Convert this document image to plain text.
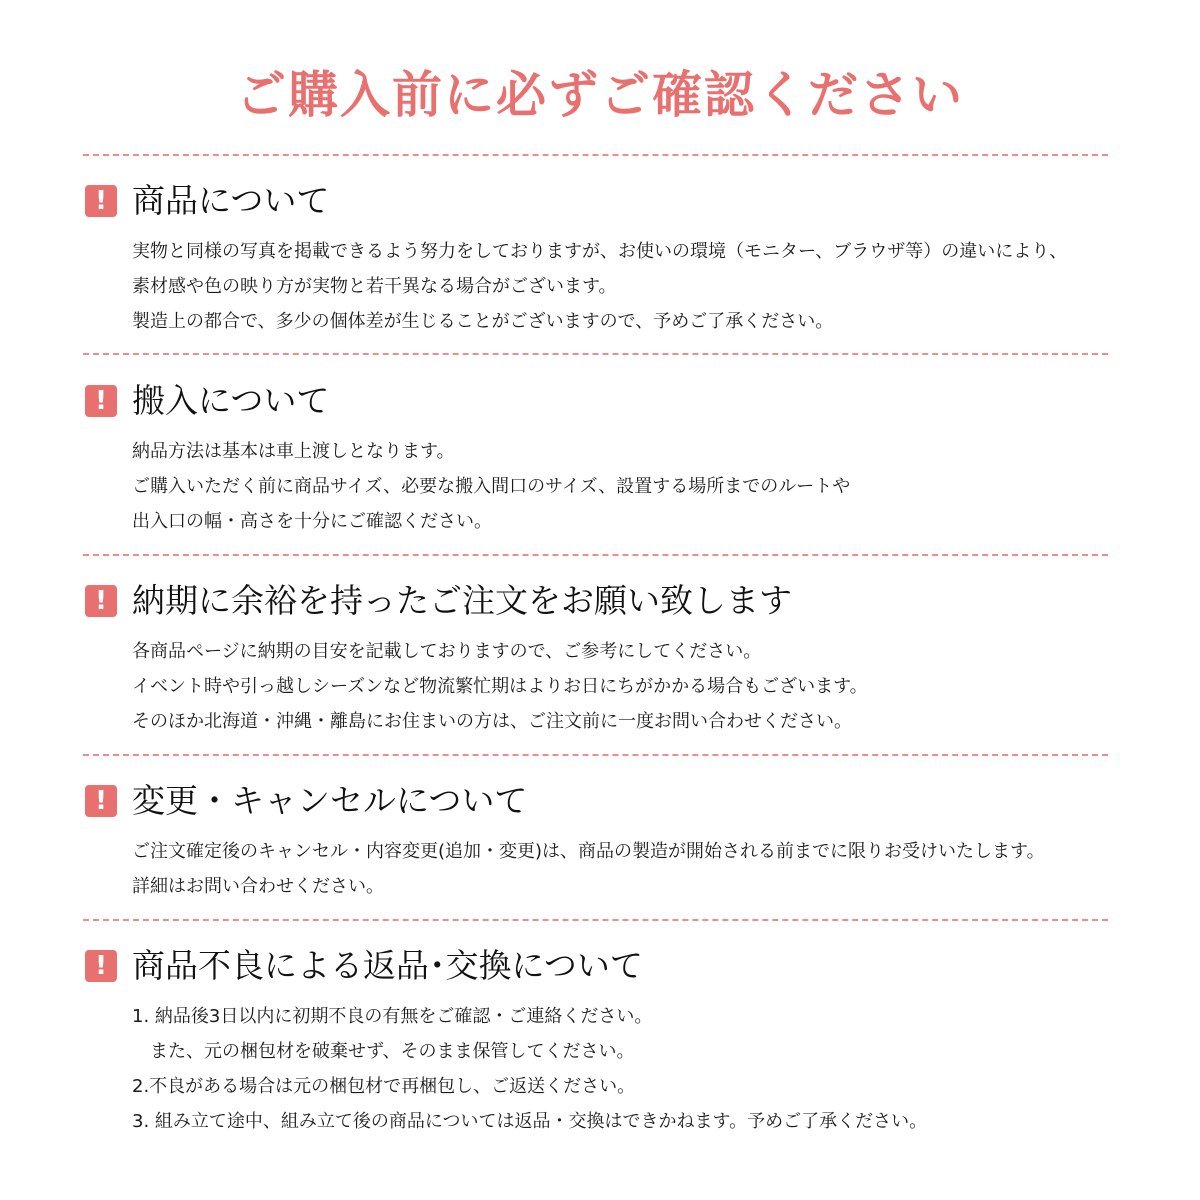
ご購入前に必ずご確認ください
! 商品について
実物と同様の写真を掲載できるよう努力をしておりますが、お使いの環境（モニター、ブラウザ等）の違いにより、
素材感や色の映り方が実物と若干異なる場合がございます。
製造上の都合で、多少の個体差が生じることがございますので、予めご了承ください。
! 搬入について
納品方法は基本は車上渡しとなります。
ご購入いただく前に商品サイズ、必要な搬入間口のサイズ、設置する場所までのルートや
出入口の幅・高さを十分にご確認ください。
! 納期に余裕を持ったご注文をお願い致します
各商品ページに納期の目安を記載しておりますので、ご参考にしてください。
イベント時や引っ越しシーズンなど物流繁忙期はよりお日にちがかかる場合もございます。
そのほか北海道・沖縄・離島にお住まいの方は、ご注文前に一度お問い合わせください。
! 変更・キャンセルについて
ご注文確定後のキャンセル・内容変更(追加・変更)は、商品の製造が開始される前までに限りお受けいたします。
詳細はお問い合わせください。
! 商品不良による返品･交換について
1. 納品後3日以内に初期不良の有無をご確認・ご連絡ください。
また、元の梱包材を破棄せず、そのまま保管してください。
2.不良がある場合は元の梱包材で再梱包し、ご返送ください。
3. 組み立て途中、組み立て後の商品については返品・交換はできかねます。予めご了承ください。
